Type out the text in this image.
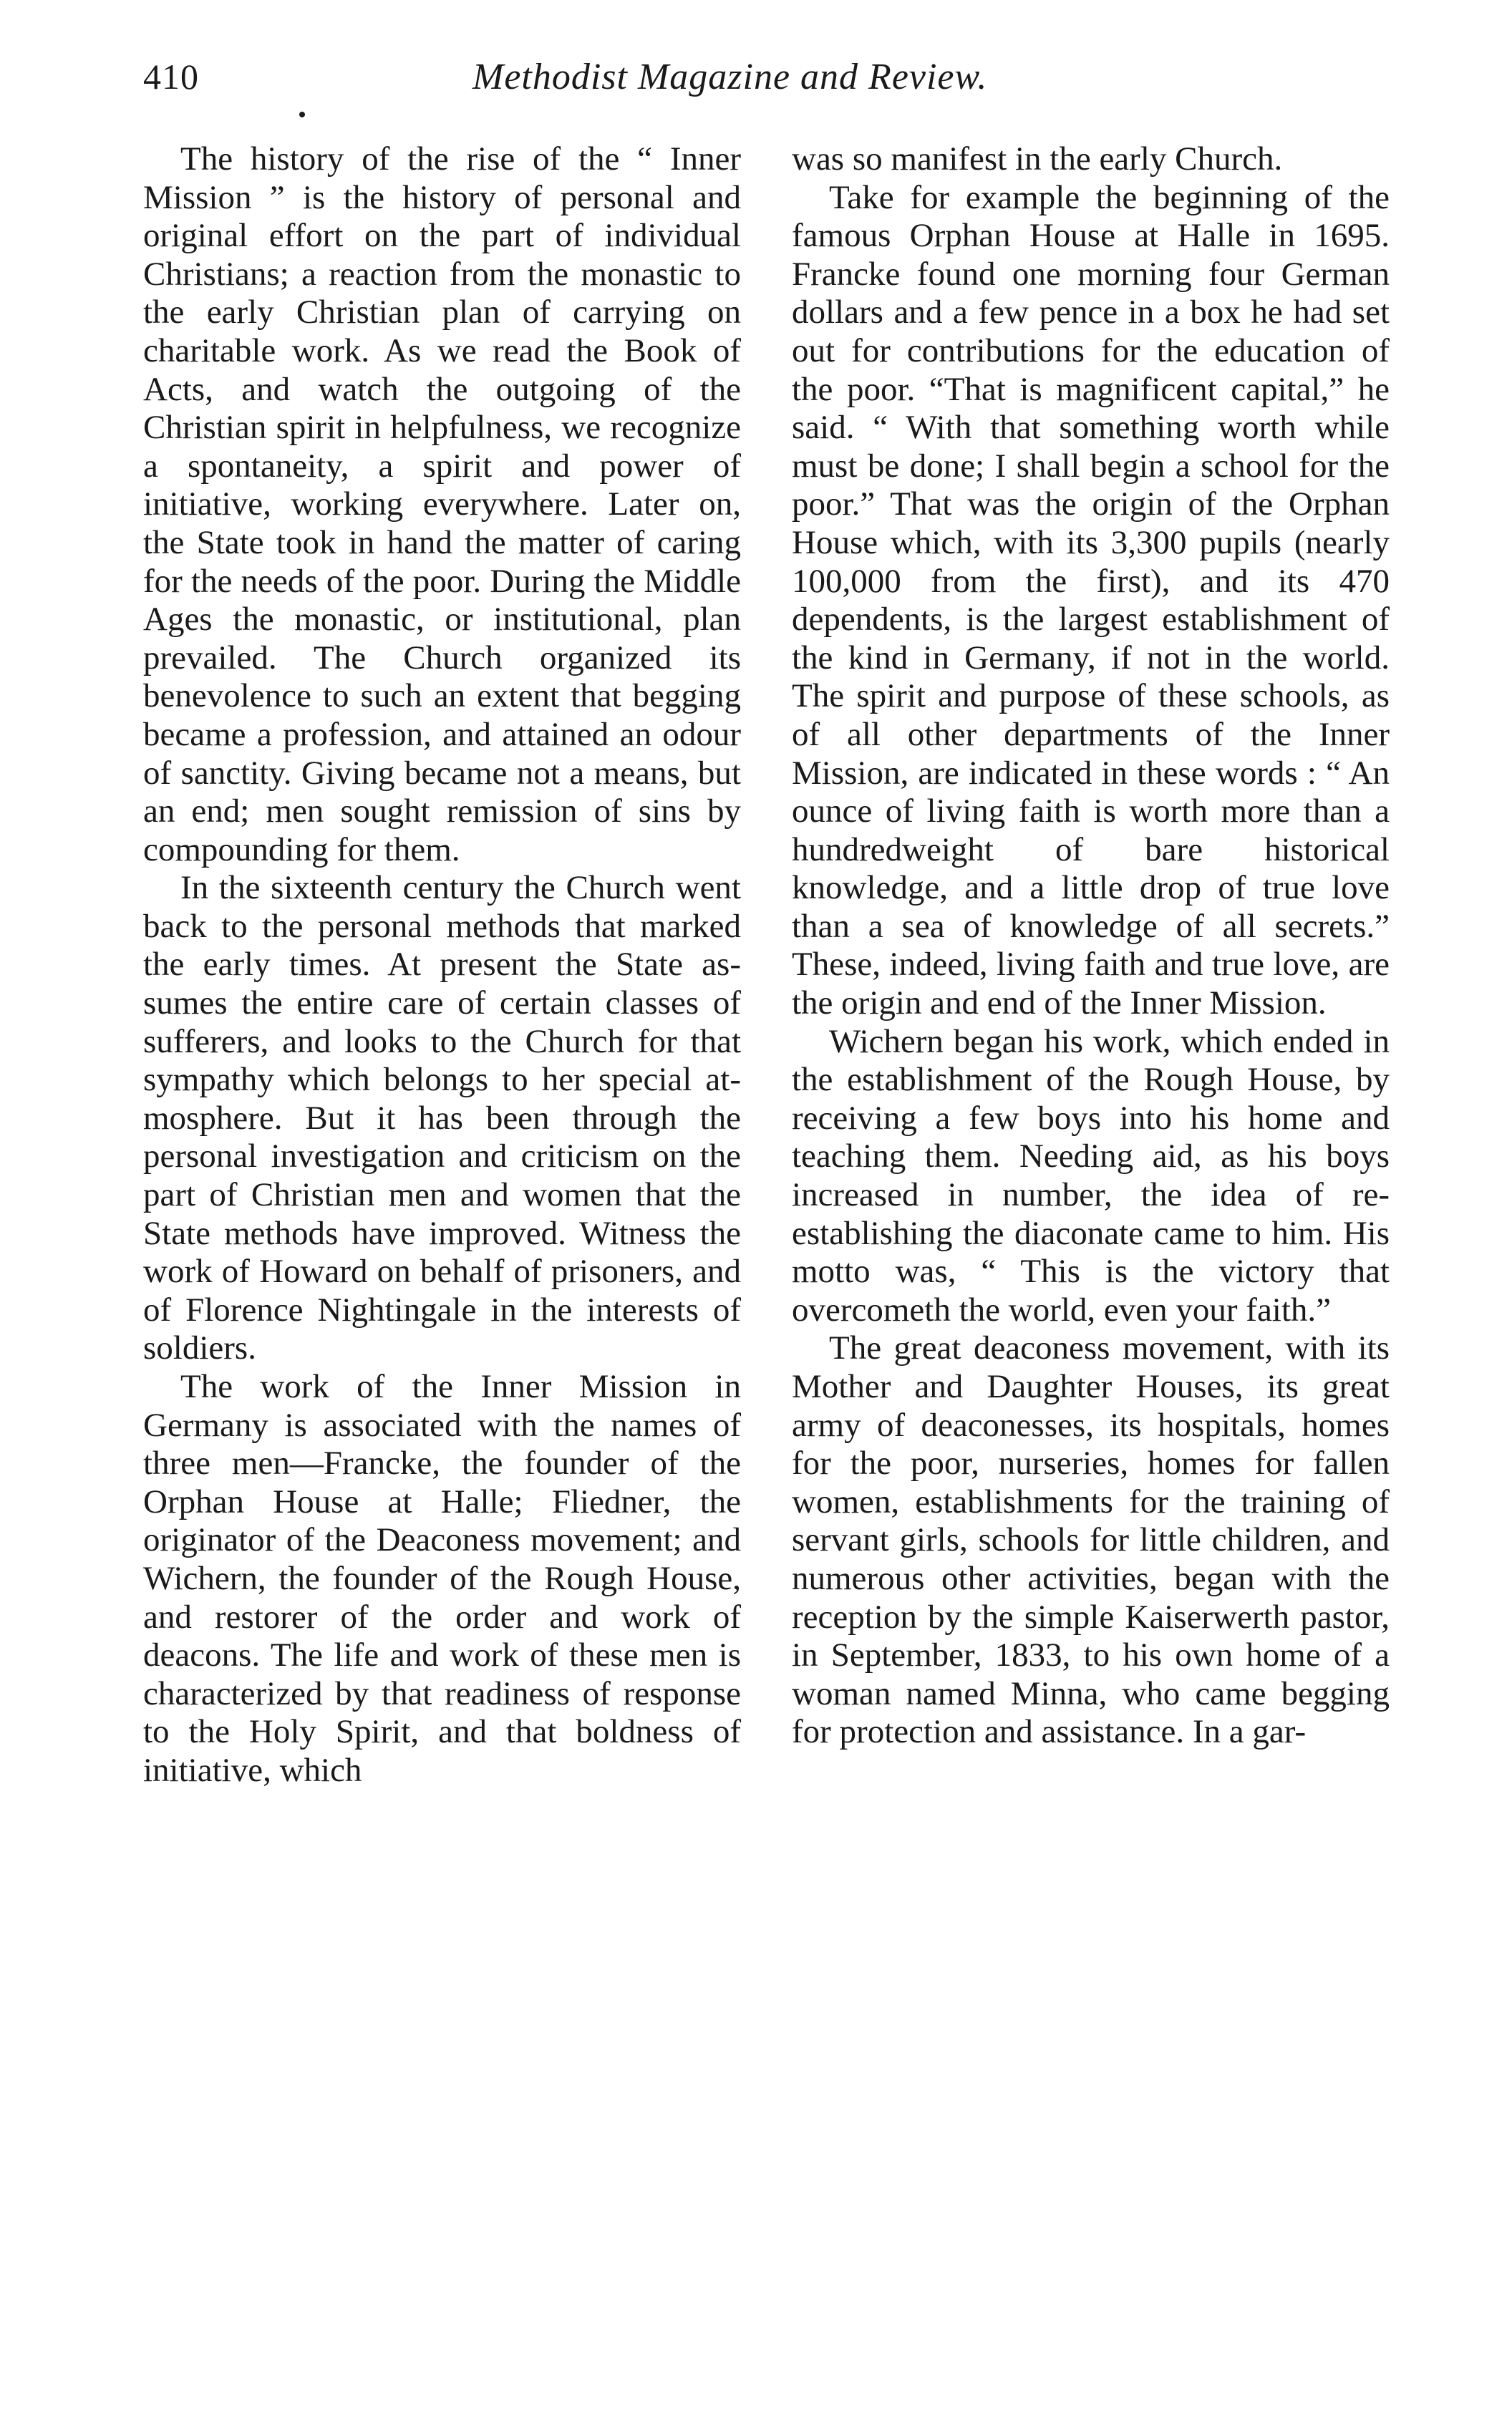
410	Methodist Magazine and Review.

The history of the rise of the “ Inner Mission ” is the history of personal and original effort on the part of individual Christians; a reaction from the monastic to the early Christian plan of carrying on charitable work. As we read the Book of Acts, and watch the outgoing of the Christian spirit in helpfulness, we recognize a spontaneity, a spirit and power of initiative, working everywhere. Later on, the State took in hand the matter of caring for the needs of the poor. During the Middle Ages the monastic, or institutional, plan prevailed. The Church organized its benevolence to such an extent that begging became a profession, and attained an odour of sanctity. Giving became not a means, but an end; men sought remission of sins by compounding for them.

In the sixteenth century the Church went back to the personal methods that marked the early times. At present the State assumes the entire care of certain classes of sufferers, and looks to the Church for that sympathy which belongs to her special atmosphere. But it has been through the personal investigation and criticism on the part of Christian men and women that the State methods have improved. Witness the work of Howard on behalf of prisoners, and of Florence Nightingale in the interests of soldiers.

The work of the Inner Mission in Germany is associated with the names of three men—Francke, the founder of the Orphan House at Halle; Fliedner, the originator of the Deaconess movement; and Wichern, the founder of the Rough House, and restorer of the order and work of deacons. The life and work of these men is characterized by that readiness of response to the Holy Spirit, and that boldness of initiative, which

was so manifest in the early Church.

Take for example the beginning of the famous Orphan House at Halle in 1695. Francke found one morning four German dollars and a few pence in a box he had set out for contributions for the education of the poor. “That is magnificent capital,” he said. “ With that something worth while must be done; I shall begin a school for the poor.” That was the origin of the Orphan House which, with its 3,300 pupils (nearly 100,000 from the first), and its 470 dependents, is the largest establishment of the kind in Germany, if not in the world. The spirit and purpose of these schools, as of all other departments of the Inner Mission, are indicated in these words : “ An ounce of living faith is worth more than a hundredweight of bare historical knowledge, and a little drop of true love than a sea of knowledge of all secrets.” These, indeed, living faith and true love, are the origin and end of the Inner Mission.

Wichern began his work, which ended in the establishment of the Rough House, by receiving a few boys into his home and teaching them. Needing aid, as his boys increased in number, the idea of re-establishing the diaconate came to him. His motto was, “ This is the victory that overcometh the world, even your faith.”

The great deaconess movement, with its Mother and Daughter Houses, its great army of deaconesses, its hospitals, homes for the poor, nurseries, homes for fallen women, establishments for the training of servant girls, schools for little children, and numerous other activities, began with the reception by the simple Kaiserwerth pastor, in September, 1833, to his own home of a woman named Minna, who came begging for protection and assistance. In a gar-
